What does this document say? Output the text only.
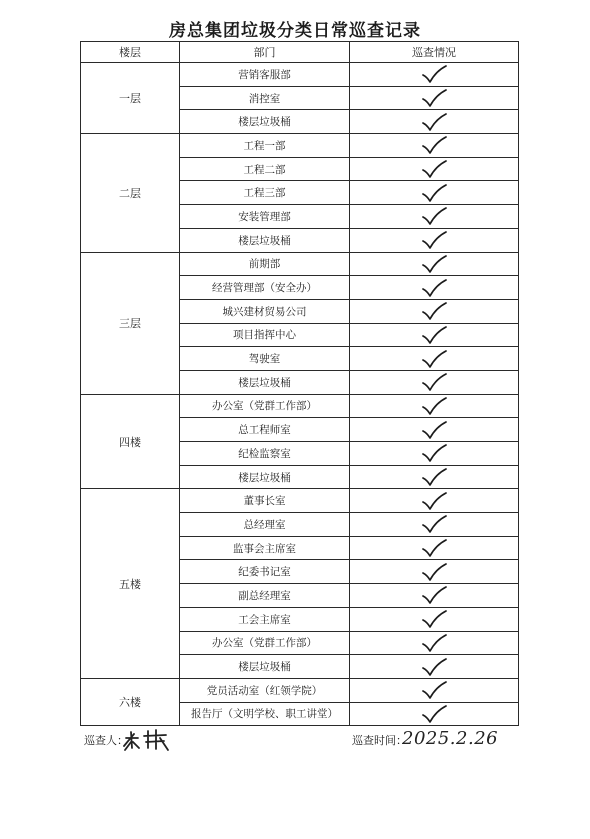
房总集团垃圾分类日常巡查记录
楼层	部门	巡查情况
一层	营销客服部	

	消控室	

	楼层垃圾桶	

二层	工程一部	

	工程二部	

	工程三部	

	安装管理部	

	楼层垃圾桶	

三层	前期部	

	经营管理部（安全办）	

	城兴建材贸易公司	

	项目指挥中心	

	驾驶室	

	楼层垃圾桶	

四楼	办公室（党群工作部）	

	总工程师室	

	纪检监察室	

	楼层垃圾桶	

五楼	董事长室	

	总经理室	

	监事会主席室	

	纪委书记室	

	副总经理室	

	工会主席室	

	办公室（党群工作部）	

	楼层垃圾桶	

六楼	党员活动室（红领学院）	

	报告厅（文明学校、职工讲堂）	
巡查人：	巡查时间：
2025.2.26
